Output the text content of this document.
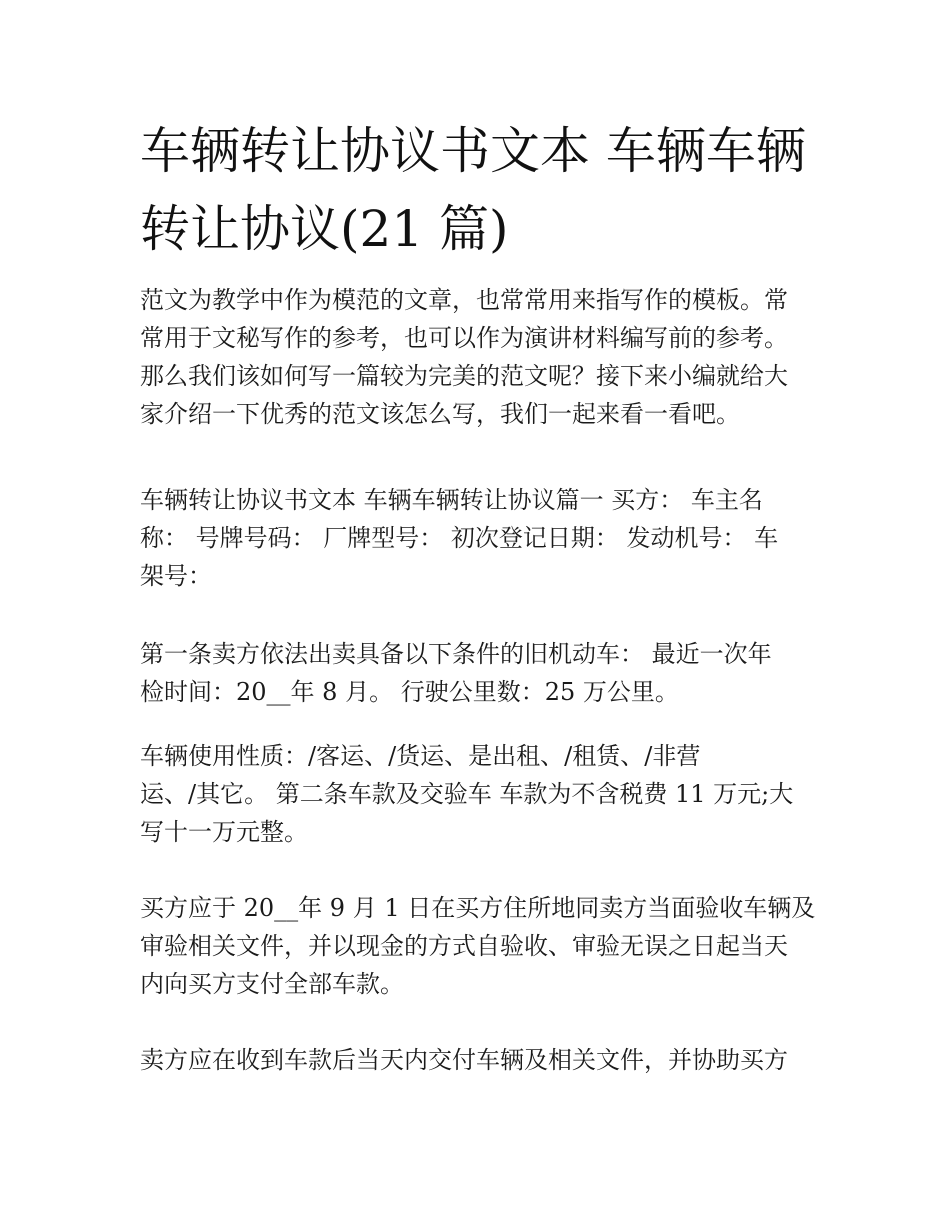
车辆转让协议书文本 车辆车辆
转让协议(21 篇)
范文为教学中作为模范的文章，也常常用来指写作的模板。常
常用于文秘写作的参考，也可以作为演讲材料编写前的参考。
那么我们该如何写一篇较为完美的范文呢？接下来小编就给大
家介绍一下优秀的范文该怎么写，我们一起来看一看吧。
车辆转让协议书文本 车辆车辆转让协议篇一 买方： 车主名
称： 号牌号码： 厂牌型号： 初次登记日期： 发动机号： 车
架号：
第一条卖方依法出卖具备以下条件的旧机动车： 最近一次年
检时间：20__年 8 月。 行驶公里数：25 万公里。
车辆使用性质：/客运、/货运、是出租、/租赁、/非营
运、/其它。 第二条车款及交验车 车款为不含税费 11 万元;大
写十一万元整。
买方应于 20__年 9 月 1 日在买方住所地同卖方当面验收车辆及
审验相关文件，并以现金的方式自验收、审验无误之日起当天
内向买方支付全部车款。
卖方应在收到车款后当天内交付车辆及相关文件，并协助买方
